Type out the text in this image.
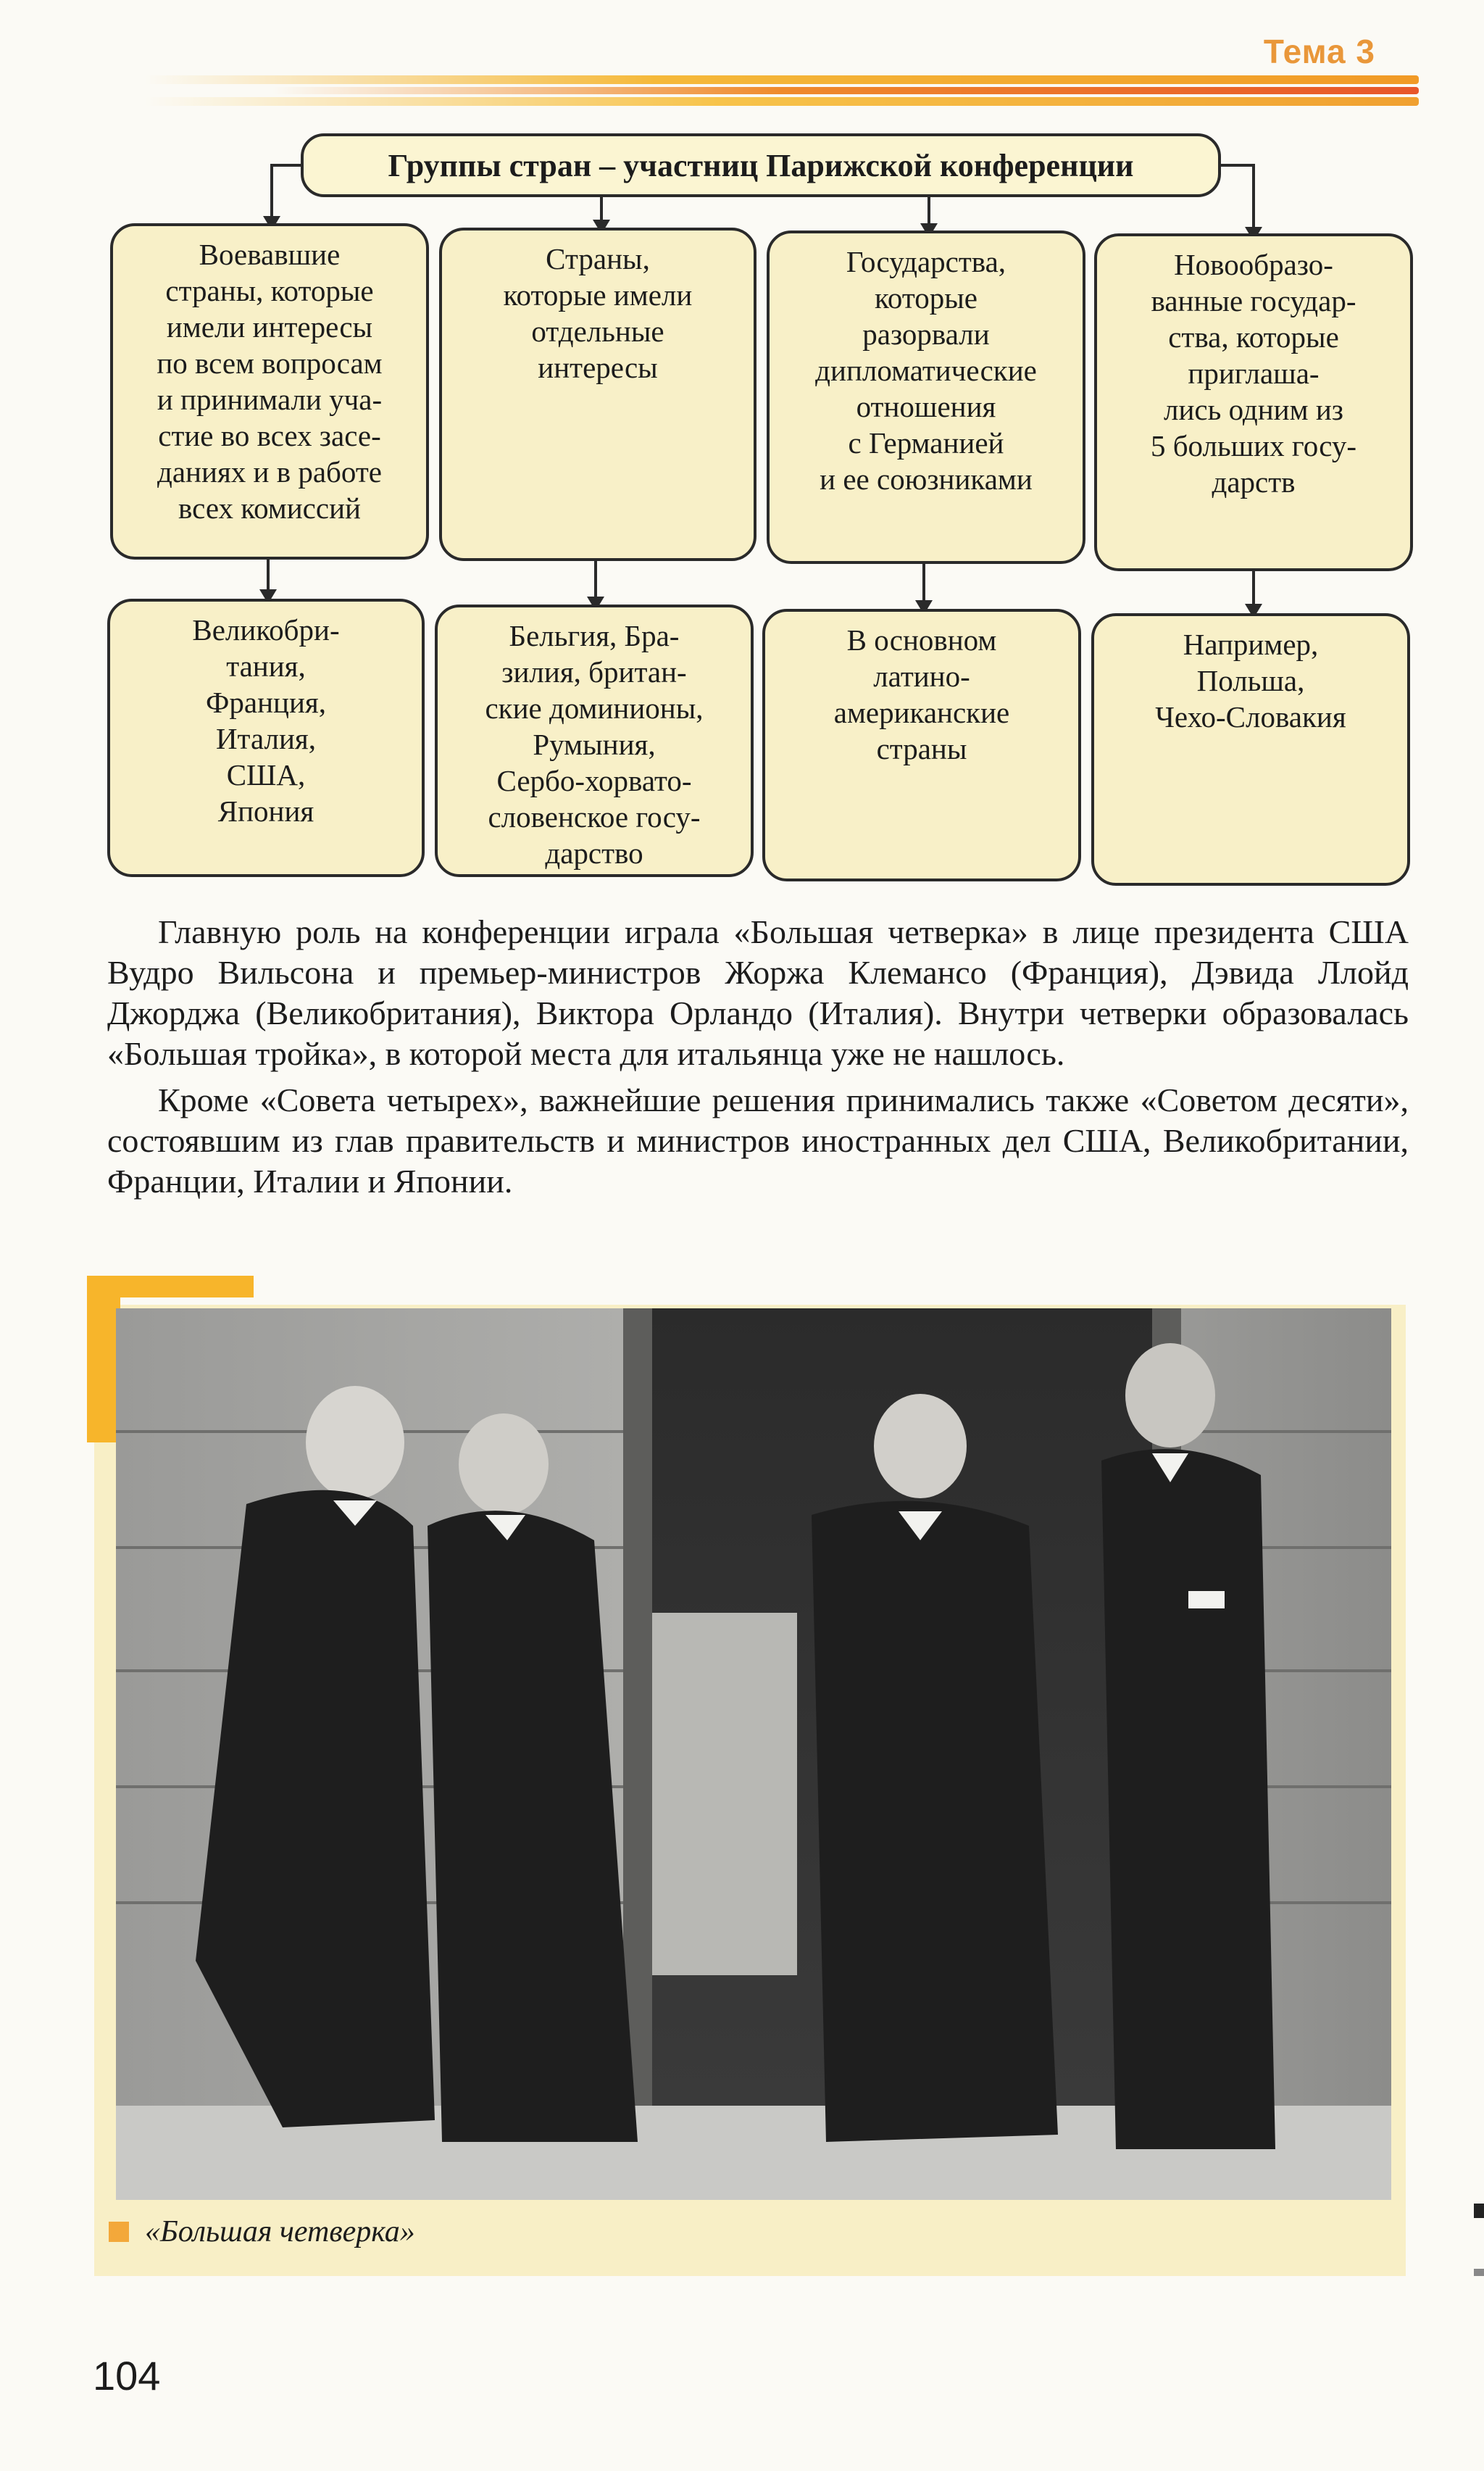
Тема 3
Группы стран – участниц Парижской конференции
Воевавшие
страны, которые
имели интересы
по всем вопросам
и принимали уча-
стие во всех засе-
даниях и в работе
всех комиссий
Страны,
которые имели
отдельные
интересы
Государства,
которые
разорвали
дипломатические
отношения
с Германией
и ее союзниками
Новообразо-
ванные государ-
ства, которые
приглаша-
лись одним из
5 больших госу-
дарств
Великобри-
тания,
Франция,
Италия,
США,
Япония
Бельгия, Бра-
зилия, британ-
ские доминионы,
Румыния,
Сербо-хорвато-
словенское госу-
дарство
В основном
латино-
американские
страны
Например,
Польша,
Чехо-Словакия

Главную роль на конференции играла «Большая четверка» в лице президента США Вудро Вильсона и премьер-министров Жоржа Клемансо (Франция), Дэвида Ллойд Джорджа (Великобритания), Виктора Орландо (Италия). Внутри четверки образовалась «Большая тройка», в которой места для итальянца уже не нашлось.

Кроме «Совета четырех», важнейшие решения принимались также «Советом десяти», состоявшим из глав правительств и министров иностранных дел США, Великобритании, Франции, Италии и Японии.

«Большая четверка»
104
